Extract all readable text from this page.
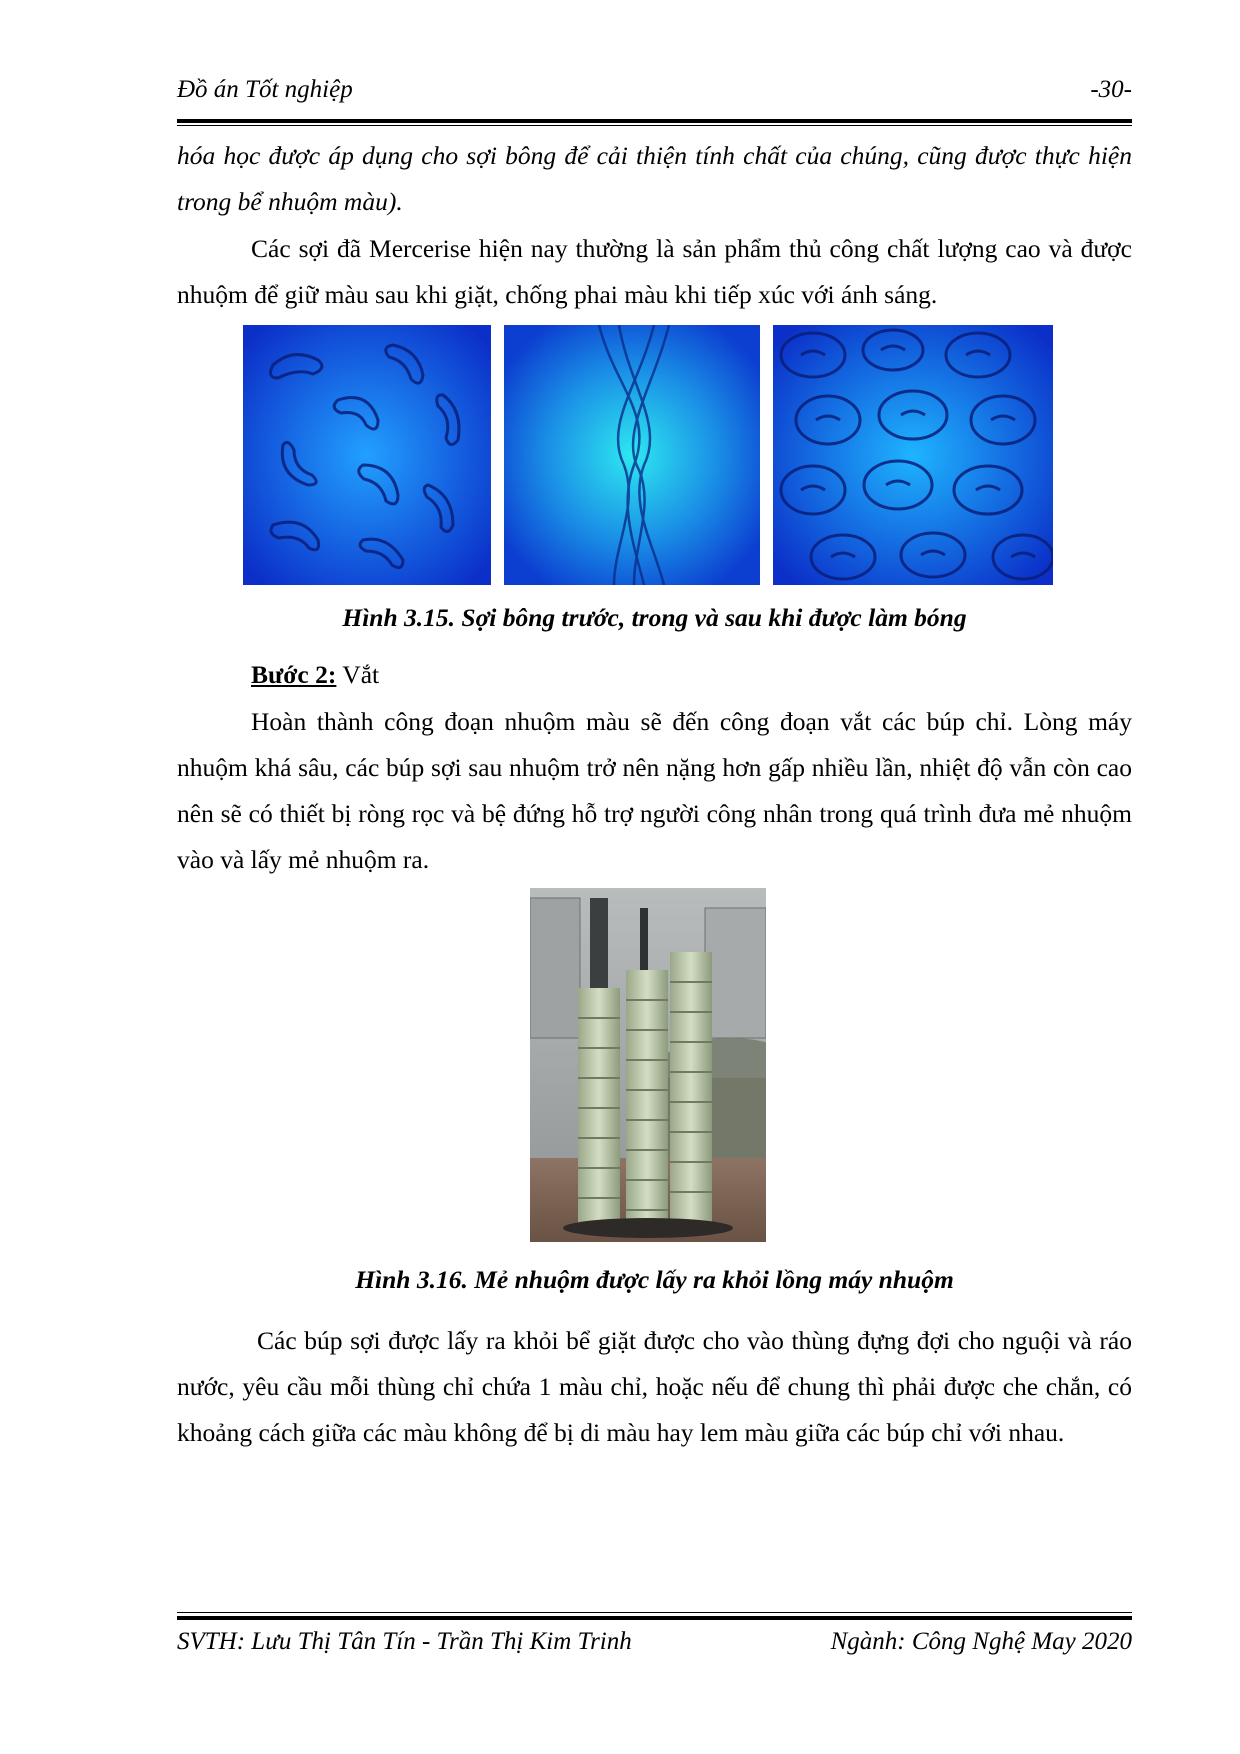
Đồ án Tốt nghiệp	-30-

hóa học được áp dụng cho sợi bông để cải thiện tính chất của chúng, cũng được thực hiện trong bể nhuộm màu).

Các sợi đã Mercerise hiện nay thường là sản phẩm thủ công chất lượng cao và được nhuộm để giữ màu sau khi giặt, chống phai màu khi tiếp xúc với ánh sáng.

Hình 3.15. Sợi bông trước, trong và sau khi được làm bóng
Bước 2: Vắt

Hoàn thành công đoạn nhuộm màu sẽ đến công đoạn vắt các búp chỉ. Lòng máy nhuộm khá sâu, các búp sợi sau nhuộm trở nên nặng hơn gấp nhiều lần, nhiệt độ vẫn còn cao nên sẽ có thiết bị ròng rọc và bệ đứng hỗ trợ người công nhân trong quá trình đưa mẻ nhuộm vào và lấy mẻ nhuộm ra.

Hình 3.16. Mẻ nhuộm được lấy ra khỏi lồng máy nhuộm

Các búp sợi được lấy ra khỏi bể giặt được cho vào thùng đựng đợi cho nguội và ráo nước, yêu cầu mỗi thùng chỉ chứa 1 màu chỉ, hoặc nếu để chung thì phải được che chắn, có khoảng cách giữa các màu không để bị di màu hay lem màu giữa các búp chỉ với nhau.

SVTH: Lưu Thị Tân Tín - Trần Thị Kim Trinh	Ngành: Công Nghệ May 2020
